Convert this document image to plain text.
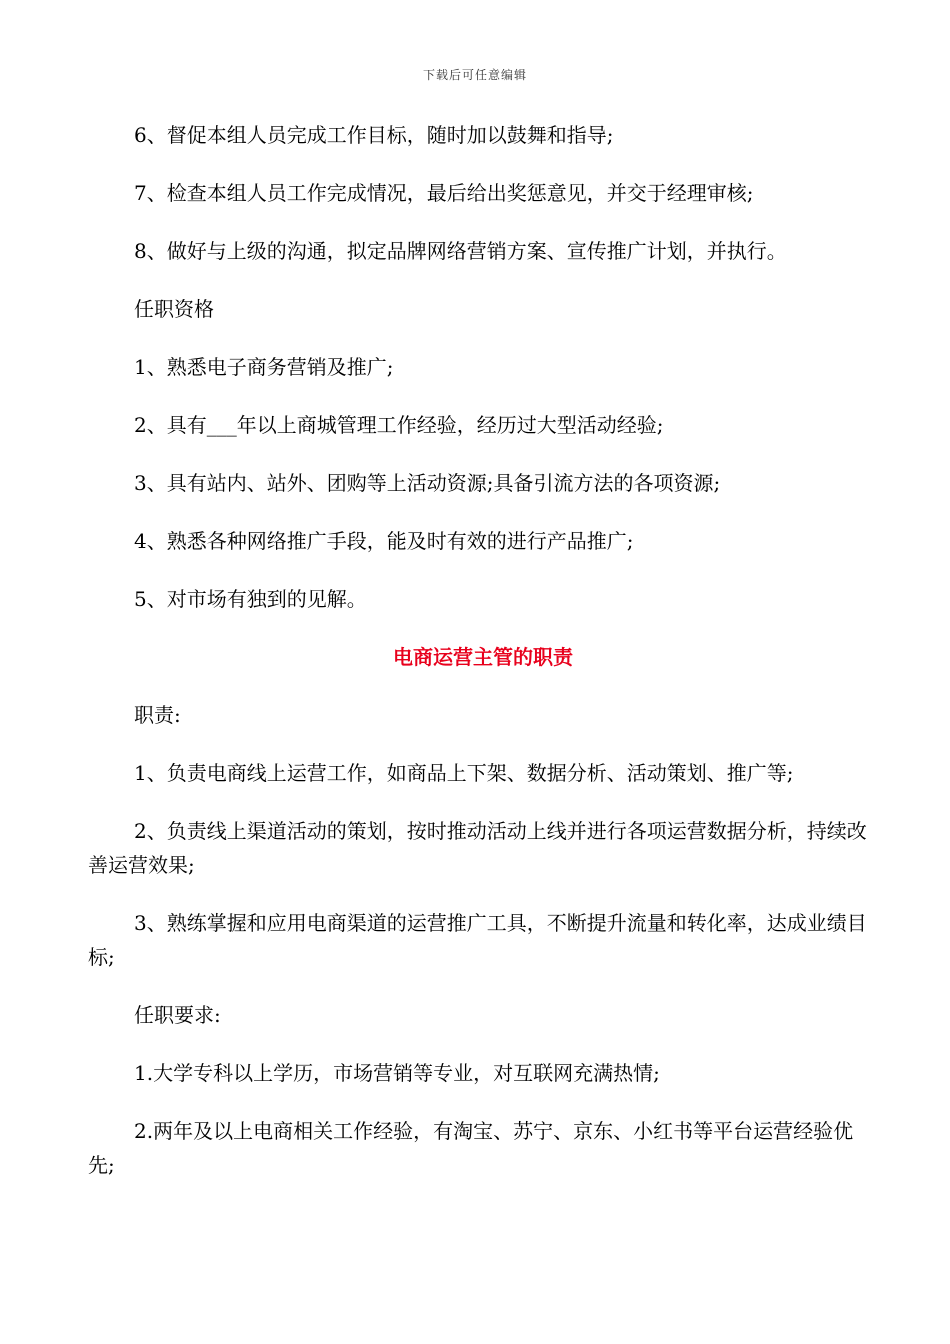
下载后可任意编辑

6、督促本组人员完成工作目标，随时加以鼓舞和指导;

7、检查本组人员工作完成情况，最后给出奖惩意见，并交于经理审核;

8、做好与上级的沟通，拟定品牌网络营销方案、宣传推广计划，并执行。

任职资格

1、熟悉电子商务营销及推广;

2、具有___年以上商城管理工作经验，经历过大型活动经验;

3、具有站内、站外、团购等上活动资源;具备引流方法的各项资源;

4、熟悉各种网络推广手段，能及时有效的进行产品推广;

5、对市场有独到的见解。

电商运营主管的职责

职责:

1、负责电商线上运营工作，如商品上下架、数据分析、活动策划、推广等;

2、负责线上渠道活动的策划，按时推动活动上线并进行各项运营数据分析，持续改善运营效果;

3、熟练掌握和应用电商渠道的运营推广工具，不断提升流量和转化率，达成业绩目标;

任职要求:

1.大学专科以上学历，市场营销等专业，对互联网充满热情;

2.两年及以上电商相关工作经验，有淘宝、苏宁、京东、小红书等平台运营经验优先;
